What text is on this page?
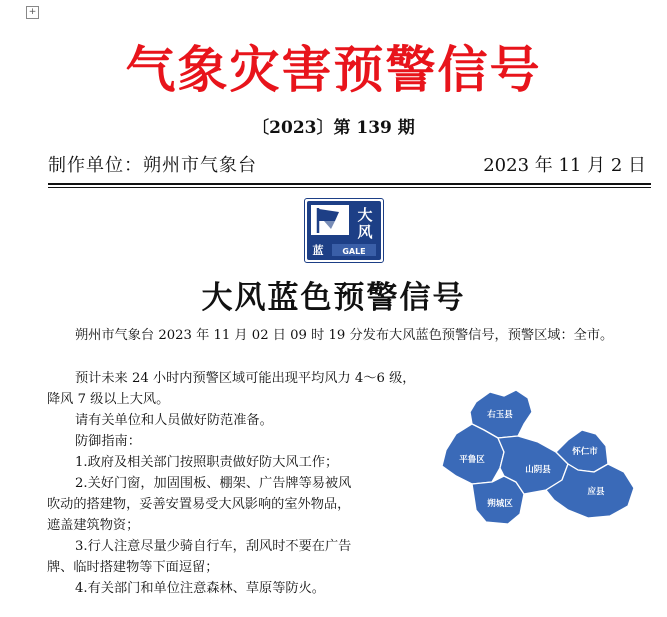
+
气象灾害预警信号
〔2023〕第 139 期
制作单位：朔州市气象台	2023 年 11 月 2 日
大
风
蓝 GALE
大风蓝色预警信号

朔州市气象台 2023 年 11 月 02 日 09 时 19 分发布大风蓝色预警信号，预警区域：全市。

预计未来 24 小时内预警区域可能出现平均风力 4～6 级，降风 7 级以上大风。

请有关单位和人员做好防范准备。
防御指南：
1.政府及相关部门按照职责做好防大风工作；
2.关好门窗，加固围板、棚架、广告牌等易被风
吹动的搭建物，妥善安置易受大风影响的室外物品，
遮盖建筑物资；
3.行人注意尽量少骑自行车，刮风时不要在广告
牌、临时搭建物等下面逗留；
4.有关部门和单位注意森林、草原等防火。
右玉县
平鲁区
山阴县
怀仁市
应县
朔城区
